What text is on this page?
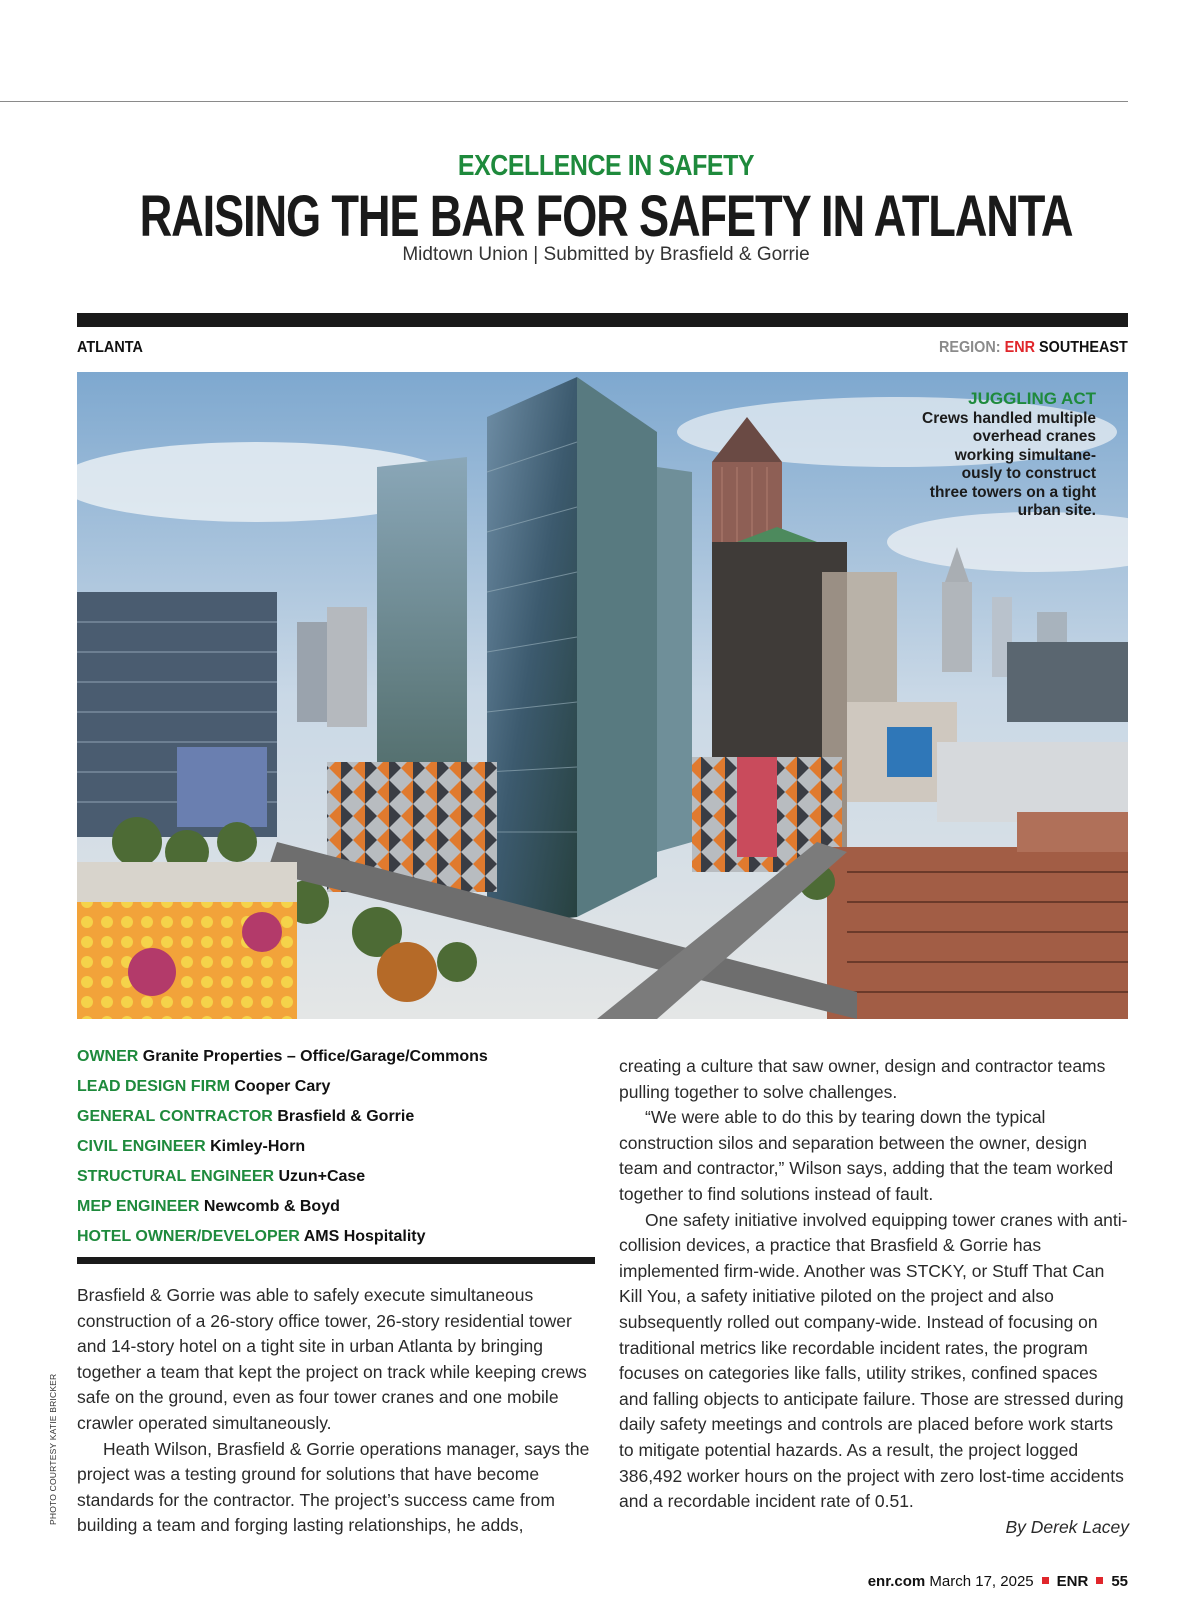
EXCELLENCE IN SAFETY
RAISING THE BAR FOR SAFETY IN ATLANTA
Midtown Union | Submitted by Brasfield & Gorrie
ATLANTA	REGION: ENR SOUTHEAST
JUGGLING ACT Crews handled multiple overhead cranes working simultane-ously to construct three towers on a tight urban site.
OWNER Granite Properties – Office/Garage/Commons
LEAD DESIGN FIRM Cooper Cary
GENERAL CONTRACTOR Brasfield & Gorrie
CIVIL ENGINEER Kimley-Horn
STRUCTURAL ENGINEER Uzun+Case
MEP ENGINEER Newcomb & Boyd
HOTEL OWNER/DEVELOPER AMS Hospitality

Brasfield & Gorrie was able to safely execute simultaneous construction of a 26-story office tower, 26-story residential tower and 14-story hotel on a tight site in urban Atlanta by bringing together a team that kept the project on track while keeping crews safe on the ground, even as four tower cranes and one mobile crawler operated simultaneously.

Heath Wilson, Brasfield & Gorrie operations manager, says the project was a testing ground for solutions that have become standards for the contractor. The project’s success came from building a team and forging lasting relationships, he adds,

creating a culture that saw owner, design and contractor teams pulling together to solve challenges.

“We were able to do this by tearing down the typical construction silos and separation between the owner, design team and contractor,” Wilson says, adding that the team worked together to find solutions instead of fault.

One safety initiative involved equipping tower cranes with anti-collision devices, a practice that Brasfield & Gorrie has implemented firm-wide. Another was STCKY, or Stuff That Can Kill You, a safety initiative piloted on the project and also subsequently rolled out company-wide. Instead of focusing on traditional metrics like recordable incident rates, the program focuses on categories like falls, utility strikes, confined spaces and falling objects to anticipate failure. Those are stressed during daily safety meetings and controls are placed before work starts to mitigate potential hazards. As a result, the project logged 386,492 worker hours on the project with zero lost-time accidents and a recordable incident rate of 0.51.

By Derek Lacey

PHOTO COURTESY KATIE BRICKER
enr.com March 17, 2025 ENR 55
